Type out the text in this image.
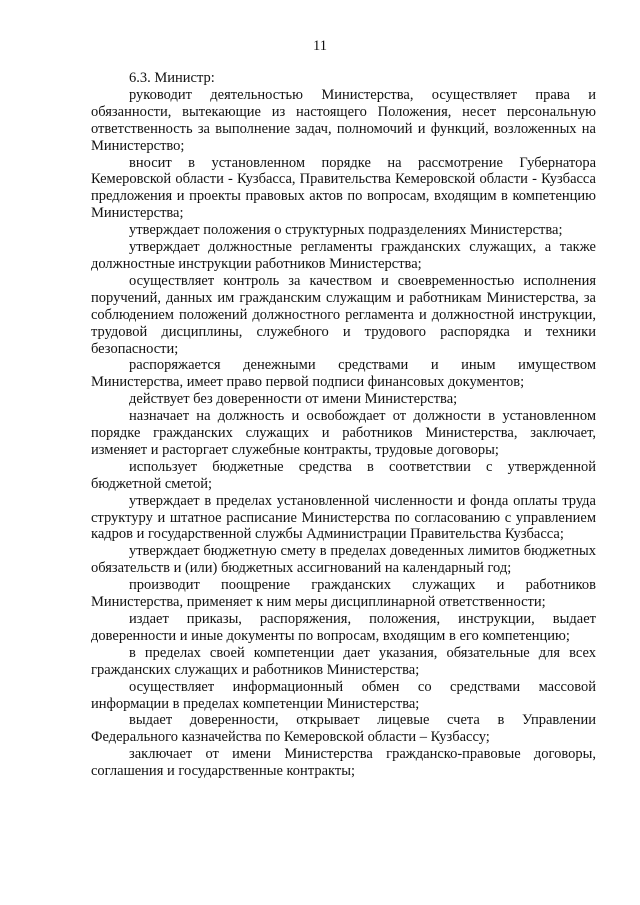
11

6.3. Министр:

руководит деятельностью Министерства, осуществляет права и обязанности, вытекающие из настоящего Положения, несет персональную ответственность за выполнение задач, полномочий и функций, возложенных на Министерство;

вносит в установленном порядке на рассмотрение Губернатора Кемеровской области - Кузбасса, Правительства Кемеровской области - Кузбасса предложения и проекты правовых актов по вопросам, входящим в компетенцию Министерства;

утверждает положения о структурных подразделениях Министерства;

утверждает должностные регламенты гражданских служащих, а также должностные инструкции работников Министерства;

осуществляет контроль за качеством и своевременностью исполнения поручений, данных им гражданским служащим и работникам Министерства, за соблюдением положений должностного регламента и должностной инструкции, трудовой дисциплины, служебного и трудового распорядка и техники безопасности;

распоряжается денежными средствами и иным имуществом Министерства, имеет право первой подписи финансовых документов;

действует без доверенности от имени Министерства;

назначает на должность и освобождает от должности в установленном порядке гражданских служащих и работников Министерства, заключает, изменяет и расторгает служебные контракты, трудовые договоры;

использует бюджетные средства в соответствии с утвержденной бюджетной сметой;

утверждает в пределах установленной численности и фонда оплаты труда структуру и штатное расписание Министерства по согласованию с управлением кадров и государственной службы Администрации Правительства Кузбасса;

утверждает бюджетную смету в пределах доведенных лимитов бюджетных обязательств и (или) бюджетных ассигнований на календарный год;

производит поощрение гражданских служащих и работников Министерства, применяет к ним меры дисциплинарной ответственности;

издает приказы, распоряжения, положения, инструкции, выдает доверенности и иные документы по вопросам, входящим в его компетенцию;

в пределах своей компетенции дает указания, обязательные для всех гражданских служащих и работников Министерства;

осуществляет информационный обмен со средствами массовой информации в пределах компетенции Министерства;

выдает доверенности, открывает лицевые счета в Управлении Федерального казначейства по Кемеровской области – Кузбассу;

заключает от имени Министерства гражданско-правовые договоры, соглашения и государственные контракты;
